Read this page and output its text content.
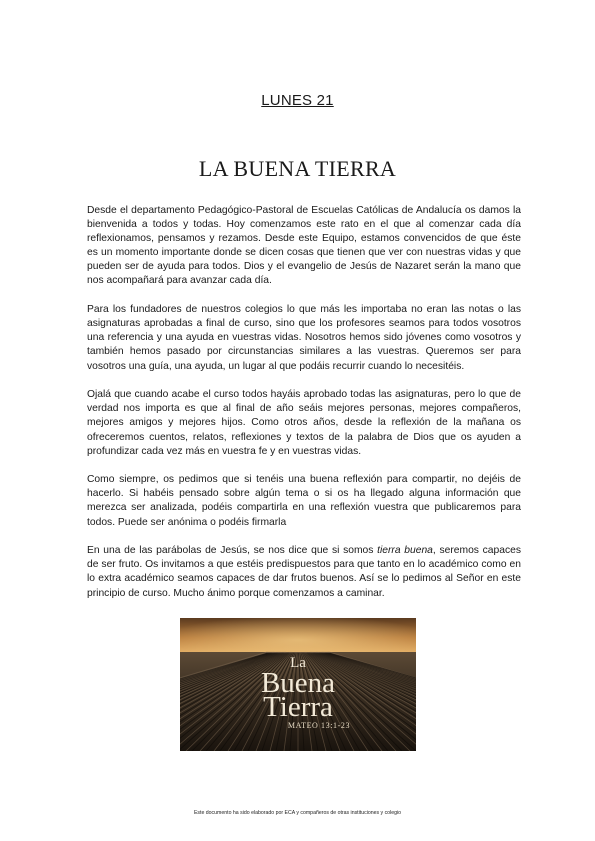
LUNES 21
LA BUENA TIERRA

Desde el departamento Pedagógico-Pastoral de Escuelas Católicas de Andalucía os damos la bienvenida a todos y todas. Hoy comenzamos este rato en el que al comenzar cada día reflexionamos, pensamos y rezamos. Desde este Equipo, estamos convencidos de que éste es un momento importante donde se dicen cosas que tienen que ver con nuestras vidas y que pueden ser de ayuda para todos. Dios y el evangelio de Jesús de Nazaret serán la mano que nos acompañará para avanzar cada día.

Para los fundadores de nuestros colegios lo que más les importaba no eran las notas o las asignaturas aprobadas a final de curso, sino que los profesores seamos para todos vosotros una referencia y una ayuda en vuestras vidas. Nosotros hemos sido jóvenes como vosotros y también hemos pasado por circunstancias similares a las vuestras. Queremos ser para vosotros una guía, una ayuda, un lugar al que podáis recurrir cuando lo necesitéis.

Ojalá que cuando acabe el curso todos hayáis aprobado todas las asignaturas, pero lo que de verdad nos importa es que al final de año seáis mejores personas, mejores compañeros, mejores amigos y mejores hijos. Como otros años, desde la reflexión de la mañana os ofreceremos cuentos, relatos, reflexiones y textos de la palabra de Dios que os ayuden a profundizar cada vez más en vuestra fe y en vuestras vidas.

Como siempre, os pedimos que si tenéis una buena reflexión para compartir, no dejéis de hacerlo. Si habéis pensado sobre algún tema o si os ha llegado alguna información que merezca ser analizada, podéis compartirla en una reflexión vuestra que publicaremos para todos. Puede ser anónima o podéis firmarla

En una de las parábolas de Jesús, se nos dice que si somos tierra buena, seremos capaces de ser fruto. Os invitamos a que estéis predispuestos para que tanto en lo académico como en lo extra académico seamos capaces de dar frutos buenos. Así se lo pedimos al Señor en este principio de curso. Mucho ánimo porque comenzamos a caminar.

La
Buena
Tierra
MATEO 13:1-23
Este documento ha sido elaborado por ECA y compañeros de otras instituciones y colegio
